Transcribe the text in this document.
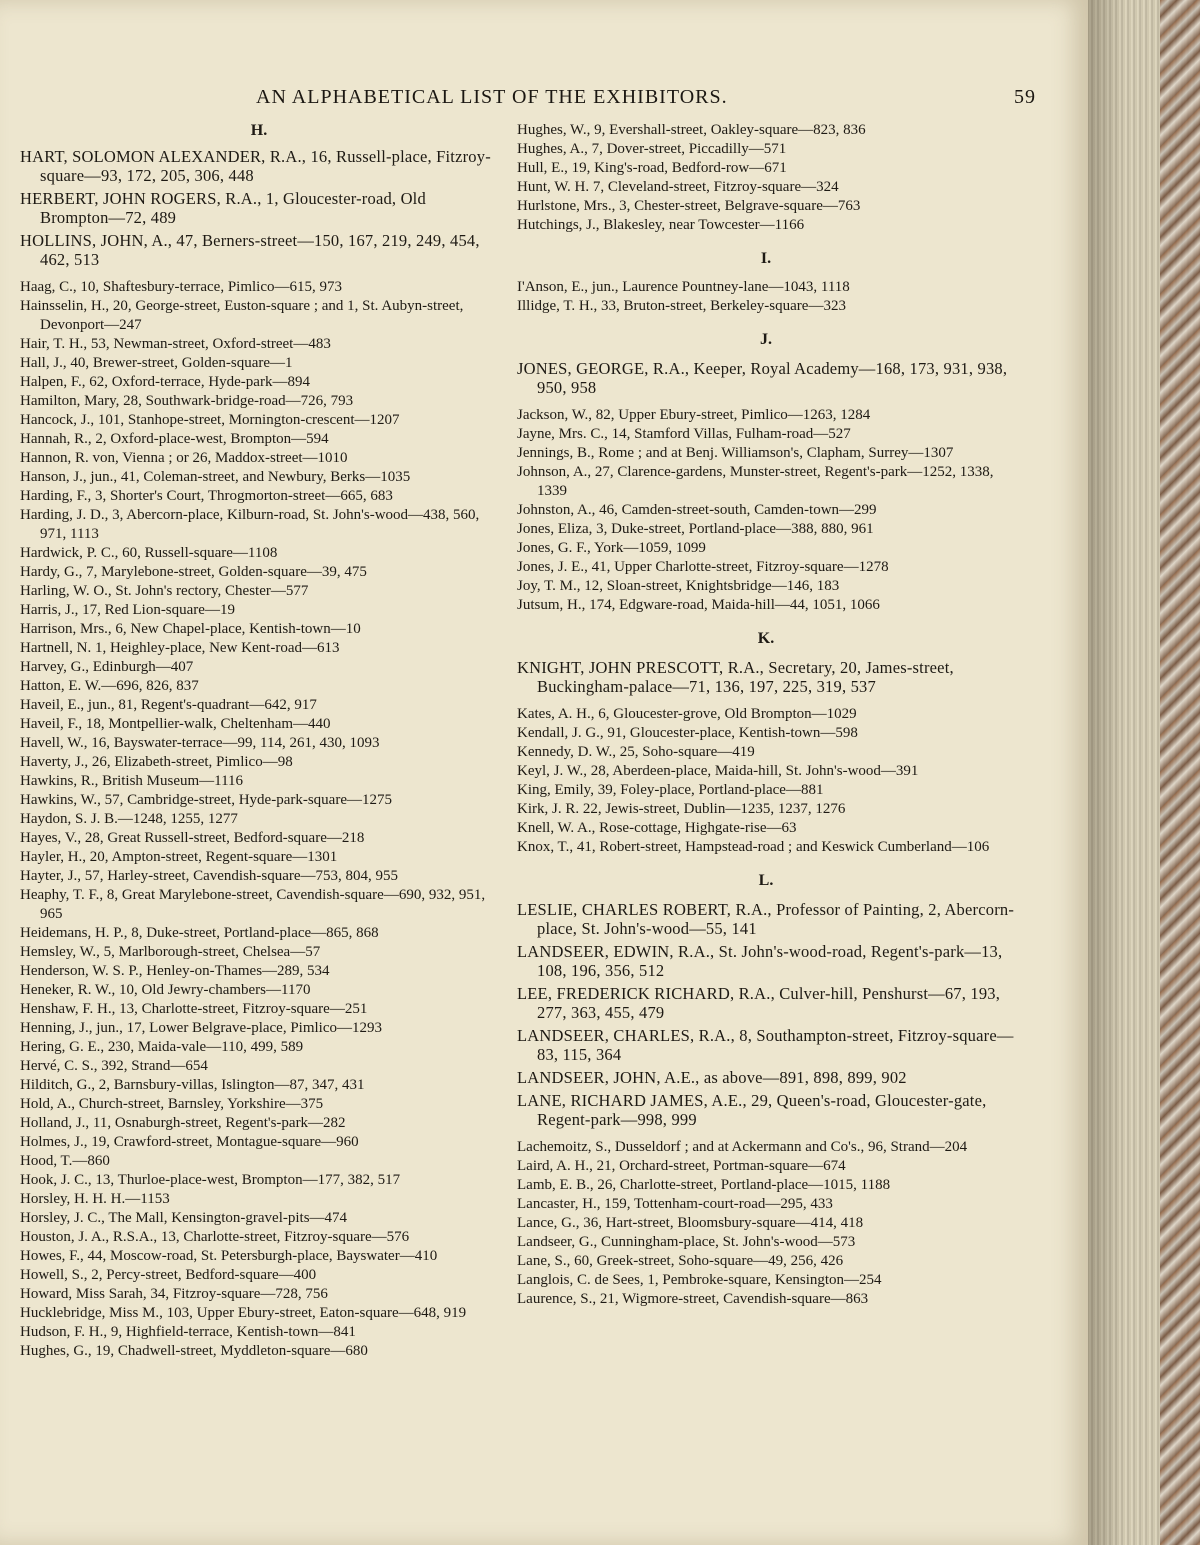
AN ALPHABETICAL LIST OF THE EXHIBITORS.	59
H.

HART, SOLOMON ALEXANDER, R.A., 16, Russell-place, Fitzroy-square—93, 172, 205, 306, 448

HERBERT, JOHN ROGERS, R.A., 1, Gloucester-road, Old Brompton—72, 489

HOLLINS, JOHN, A., 47, Berners-street—150, 167, 219, 249, 454, 462, 513

Haag, C., 10, Shaftesbury-terrace, Pimlico—615, 973

Hainsselin, H., 20, George-street, Euston-square ; and 1, St. Aubyn-street, Devonport—247

Hair, T. H., 53, Newman-street, Oxford-street—483

Hall, J., 40, Brewer-street, Golden-square—1

Halpen, F., 62, Oxford-terrace, Hyde-park—894

Hamilton, Mary, 28, Southwark-bridge-road—726, 793

Hancock, J., 101, Stanhope-street, Mornington-crescent—1207

Hannah, R., 2, Oxford-place-west, Brompton—594

Hannon, R. von, Vienna ; or 26, Maddox-street—1010

Hanson, J., jun., 41, Coleman-street, and Newbury, Berks—1035

Harding, F., 3, Shorter's Court, Throgmorton-street—665, 683

Harding, J. D., 3, Abercorn-place, Kilburn-road, St. John's-wood—438, 560, 971, 1113

Hardwick, P. C., 60, Russell-square—1108

Hardy, G., 7, Marylebone-street, Golden-square—39, 475

Harling, W. O., St. John's rectory, Chester—577

Harris, J., 17, Red Lion-square—19

Harrison, Mrs., 6, New Chapel-place, Kentish-town—10

Hartnell, N. 1, Heighley-place, New Kent-road—613

Harvey, G., Edinburgh—407

Hatton, E. W.—696, 826, 837

Haveil, E., jun., 81, Regent's-quadrant—642, 917

Haveil, F., 18, Montpellier-walk, Cheltenham—440

Havell, W., 16, Bayswater-terrace—99, 114, 261, 430, 1093

Haverty, J., 26, Elizabeth-street, Pimlico—98

Hawkins, R., British Museum—1116

Hawkins, W., 57, Cambridge-street, Hyde-park-square—1275

Haydon, S. J. B.—1248, 1255, 1277

Hayes, V., 28, Great Russell-street, Bedford-square—218

Hayler, H., 20, Ampton-street, Regent-square—1301

Hayter, J., 57, Harley-street, Cavendish-square—753, 804, 955

Heaphy, T. F., 8, Great Marylebone-street, Cavendish-square—690, 932, 951, 965

Heidemans, H. P., 8, Duke-street, Portland-place—865, 868

Hemsley, W., 5, Marlborough-street, Chelsea—57

Henderson, W. S. P., Henley-on-Thames—289, 534

Heneker, R. W., 10, Old Jewry-chambers—1170

Henshaw, F. H., 13, Charlotte-street, Fitzroy-square—251

Henning, J., jun., 17, Lower Belgrave-place, Pimlico—1293

Hering, G. E., 230, Maida-vale—110, 499, 589

Hervé, C. S., 392, Strand—654

Hilditch, G., 2, Barnsbury-villas, Islington—87, 347, 431

Hold, A., Church-street, Barnsley, Yorkshire—375

Holland, J., 11, Osnaburgh-street, Regent's-park—282

Holmes, J., 19, Crawford-street, Montague-square—960

Hood, T.—860

Hook, J. C., 13, Thurloe-place-west, Brompton—177, 382, 517

Horsley, H. H. H.—1153

Horsley, J. C., The Mall, Kensington-gravel-pits—474

Houston, J. A., R.S.A., 13, Charlotte-street, Fitzroy-square—576

Howes, F., 44, Moscow-road, St. Petersburgh-place, Bayswater—410

Howell, S., 2, Percy-street, Bedford-square—400

Howard, Miss Sarah, 34, Fitzroy-square—728, 756

Hucklebridge, Miss M., 103, Upper Ebury-street, Eaton-square—648, 919

Hudson, F. H., 9, Highfield-terrace, Kentish-town—841

Hughes, G., 19, Chadwell-street, Myddleton-square—680

Hughes, W., 9, Evershall-street, Oakley-square—823, 836

Hughes, A., 7, Dover-street, Piccadilly—571

Hull, E., 19, King's-road, Bedford-row—671

Hunt, W. H. 7, Cleveland-street, Fitzroy-square—324

Hurlstone, Mrs., 3, Chester-street, Belgrave-square—763

Hutchings, J., Blakesley, near Towcester—1166

I.

I'Anson, E., jun., Laurence Pountney-lane—1043, 1118

Illidge, T. H., 33, Bruton-street, Berkeley-square—323

J.

JONES, GEORGE, R.A., Keeper, Royal Academy—168, 173, 931, 938, 950, 958

Jackson, W., 82, Upper Ebury-street, Pimlico—1263, 1284

Jayne, Mrs. C., 14, Stamford Villas, Fulham-road—527

Jennings, B., Rome ; and at Benj. Williamson's, Clapham, Surrey—1307

Johnson, A., 27, Clarence-gardens, Munster-street, Regent's-park—1252, 1338, 1339

Johnston, A., 46, Camden-street-south, Camden-town—299

Jones, Eliza, 3, Duke-street, Portland-place—388, 880, 961

Jones, G. F., York—1059, 1099

Jones, J. E., 41, Upper Charlotte-street, Fitzroy-square—1278

Joy, T. M., 12, Sloan-street, Knightsbridge—146, 183

Jutsum, H., 174, Edgware-road, Maida-hill—44, 1051, 1066

K.

KNIGHT, JOHN PRESCOTT, R.A., Secretary, 20, James-street, Buckingham-palace—71, 136, 197, 225, 319, 537

Kates, A. H., 6, Gloucester-grove, Old Brompton—1029

Kendall, J. G., 91, Gloucester-place, Kentish-town—598

Kennedy, D. W., 25, Soho-square—419

Keyl, J. W., 28, Aberdeen-place, Maida-hill, St. John's-wood—391

King, Emily, 39, Foley-place, Portland-place—881

Kirk, J. R. 22, Jewis-street, Dublin—1235, 1237, 1276

Knell, W. A., Rose-cottage, Highgate-rise—63

Knox, T., 41, Robert-street, Hampstead-road ; and Keswick Cumberland—106

L.

LESLIE, CHARLES ROBERT, R.A., Professor of Painting, 2, Abercorn-place, St. John's-wood—55, 141

LANDSEER, EDWIN, R.A., St. John's-wood-road, Regent's-park—13, 108, 196, 356, 512

LEE, FREDERICK RICHARD, R.A., Culver-hill, Penshurst—67, 193, 277, 363, 455, 479

LANDSEER, CHARLES, R.A., 8, Southampton-street, Fitzroy-square—83, 115, 364

LANDSEER, JOHN, A.E., as above—891, 898, 899, 902

LANE, RICHARD JAMES, A.E., 29, Queen's-road, Gloucester-gate, Regent-park—998, 999

Lachemoitz, S., Dusseldorf ; and at Ackermann and Co's., 96, Strand—204

Laird, A. H., 21, Orchard-street, Portman-square—674

Lamb, E. B., 26, Charlotte-street, Portland-place—1015, 1188

Lancaster, H., 159, Tottenham-court-road—295, 433

Lance, G., 36, Hart-street, Bloomsbury-square—414, 418

Landseer, G., Cunningham-place, St. John's-wood—573

Lane, S., 60, Greek-street, Soho-square—49, 256, 426

Langlois, C. de Sees, 1, Pembroke-square, Kensington—254

Laurence, S., 21, Wigmore-street, Cavendish-square—863
